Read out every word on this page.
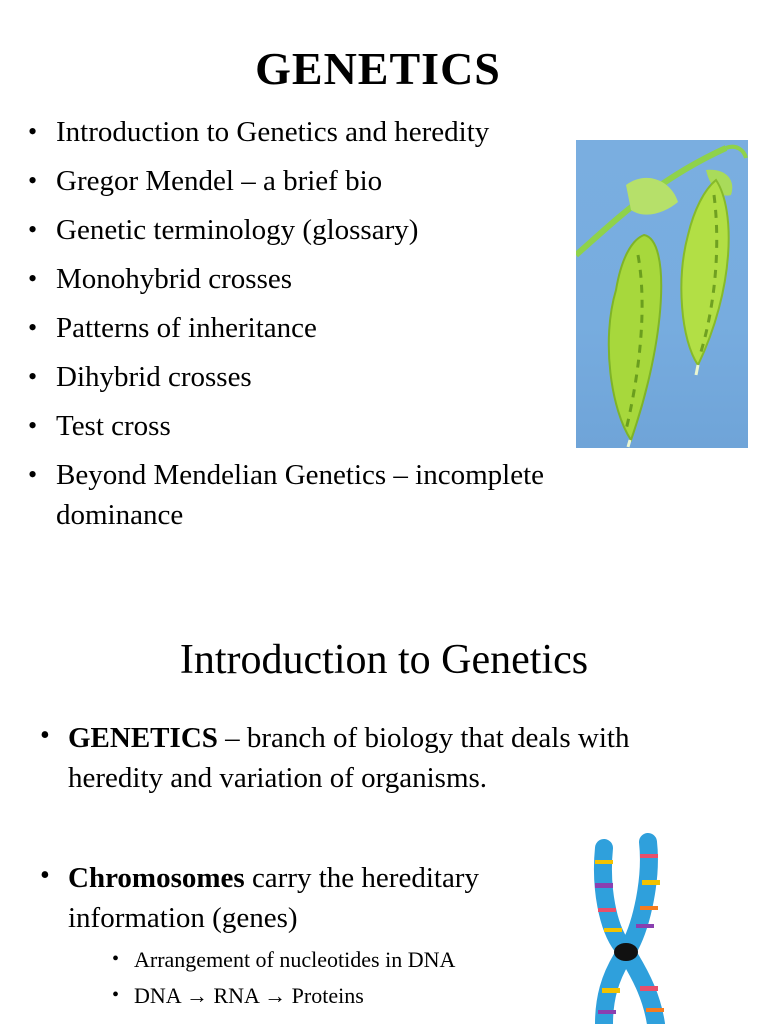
GENETICS
• Introduction to Genetics and heredity
• Gregor Mendel – a brief bio
• Genetic terminology (glossary)
• Monohybrid crosses
• Patterns of inheritance
• Dihybrid crosses
• Test cross
• Beyond Mendelian Genetics – incomplete dominance
Introduction to Genetics
• GENETICS – branch of biology that deals with heredity and variation of organisms.
• Chromosomes carry the hereditary information (genes)
• Arrangement of nucleotides in DNA
• DNA → RNA → Proteins
